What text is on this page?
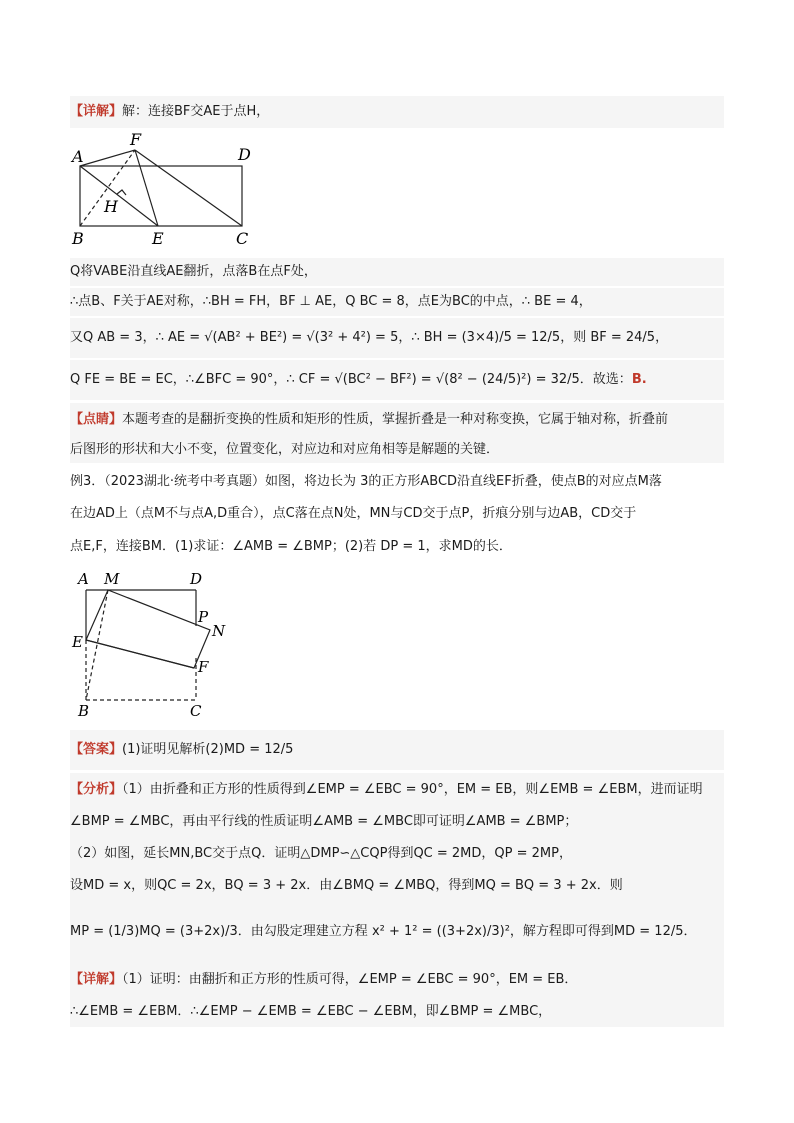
【详解】解：连接BF交AE于点H，
A
F
D
H
B	E	C
Q将VABE沿直线AE翻折，点落B在点F处，
∴点B、F关于AE对称，∴BH = FH，BF ⊥ AE，Q BC = 8，点E为BC的中点，∴ BE = 4，
又Q AB = 3，∴ AE = √(AB² + BE²) = √(3² + 4²) = 5，∴ BH = (3×4)/5 = 12/5，则 BF = 24/5，
Q FE = BE = EC，∴∠BFC = 90°，∴ CF = √(BC² − BF²) = √(8² − (24/5)²) = 32/5．故选：B.
【点睛】本题考查的是翻折变换的性质和矩形的性质，掌握折叠是一种对称变换，它属于轴对称，折叠前
后图形的形状和大小不变，位置变化，对应边和对应角相等是解题的关键．
例3．（2023湖北·统考中考真题）如图，将边长为 3的正方形ABCD沿直线EF折叠，使点B的对应点M落
在边AD上（点M不与点A,D重合），点C落在点N处，MN与CD交于点P，折痕分别与边AB，CD交于
点E,F，连接BM．(1)求证：∠AMB = ∠BMP；(2)若 DP = 1，求MD的长．
A M	D
P
N
E
F
B	C
【答案】(1)证明见解析(2)MD = 12/5
【分析】（1）由折叠和正方形的性质得到∠EMP = ∠EBC = 90°，EM = EB，则∠EMB = ∠EBM，进而证明
∠BMP = ∠MBC，再由平行线的性质证明∠AMB = ∠MBC即可证明∠AMB = ∠BMP；
（2）如图，延长MN,BC交于点Q．证明△DMP∽△CQP得到QC = 2MD，QP = 2MP，
设MD = x，则QC = 2x，BQ = 3 + 2x．由∠BMQ = ∠MBQ，得到MQ = BQ = 3 + 2x．则
MP = (1/3)MQ = (3+2x)/3．由勾股定理建立方程 x² + 1² = ((3+2x)/3)²，解方程即可得到MD = 12/5．
【详解】（1）证明：由翻折和正方形的性质可得，∠EMP = ∠EBC = 90°，EM = EB．
∴∠EMB = ∠EBM．∴∠EMP − ∠EMB = ∠EBC − ∠EBM，即∠BMP = ∠MBC，
